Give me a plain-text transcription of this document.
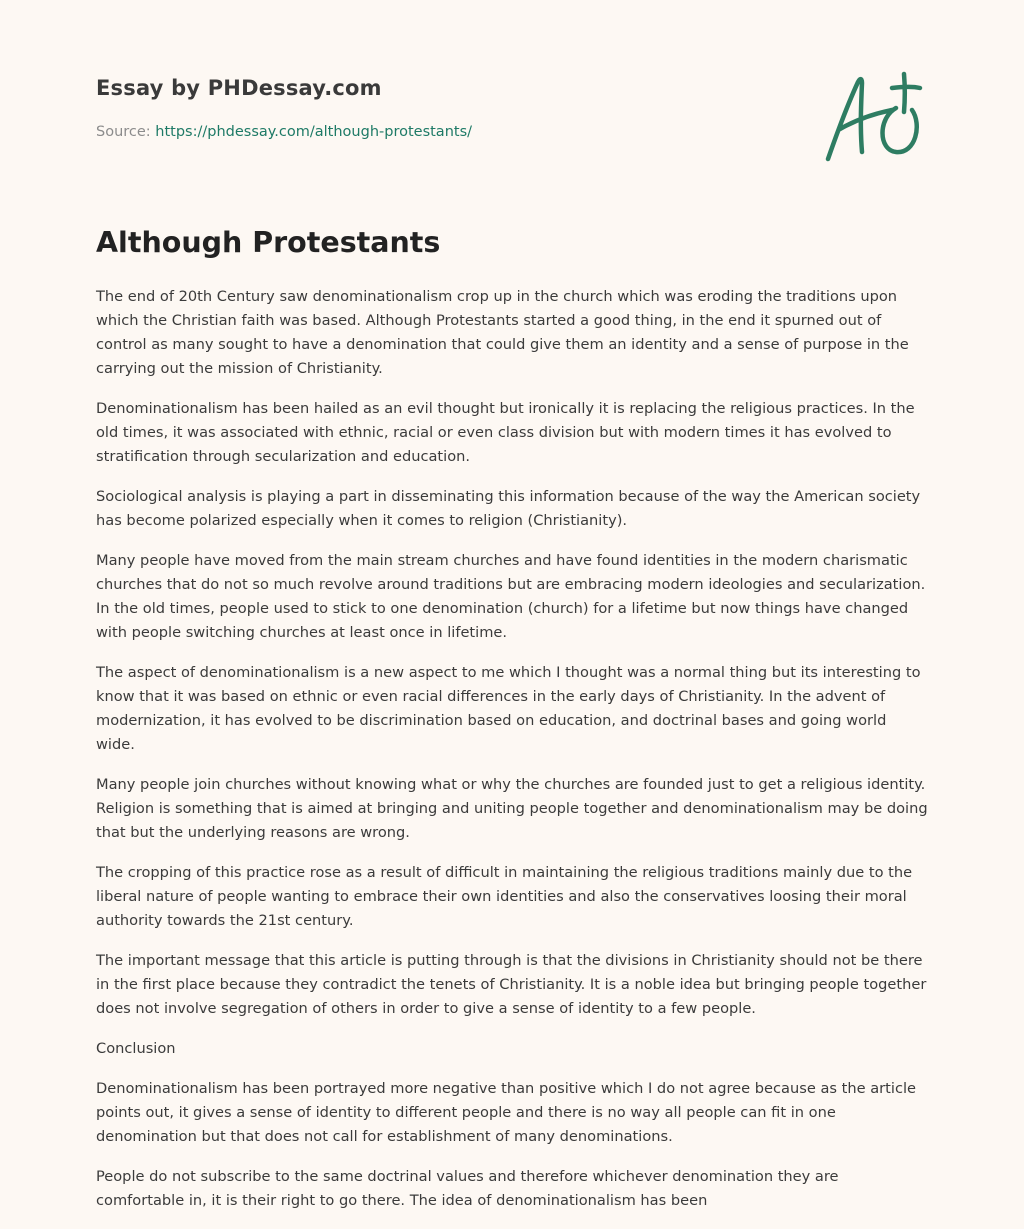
Essay by PHDessay.com
Source: https://phdessay.com/although-protestants/
Although Protestants

The end of 20th Century saw denominationalism crop up in the church which was eroding the traditions upon which the Christian faith was based. Although Protestants started a good thing, in the end it spurned out of control as many sought to have a denomination that could give them an identity and a sense of purpose in the carrying out the mission of Christianity.

Denominationalism has been hailed as an evil thought but ironically it is replacing the religious practices. In the old times, it was associated with ethnic, racial or even class division but with modern times it has evolved to stratification through secularization and education.

Sociological analysis is playing a part in disseminating this information because of the way the American society has become polarized especially when it comes to religion (Christianity).

Many people have moved from the main stream churches and have found identities in the modern charismatic churches that do not so much revolve around traditions but are embracing modern ideologies and secularization. In the old times, people used to stick to one denomination (church) for a lifetime but now things have changed with people switching churches at least once in lifetime.

The aspect of denominationalism is a new aspect to me which I thought was a normal thing but its interesting to know that it was based on ethnic or even racial differences in the early days of Christianity. In the advent of modernization, it has evolved to be discrimination based on education, and doctrinal bases and going world wide.

Many people join churches without knowing what or why the churches are founded just to get a religious identity. Religion is something that is aimed at bringing and uniting people together and denominationalism may be doing that but the underlying reasons are wrong.

The cropping of this practice rose as a result of difficult in maintaining the religious traditions mainly due to the liberal nature of people wanting to embrace their own identities and also the conservatives loosing their moral authority towards the 21st century.

The important message that this article is putting through is that the divisions in Christianity should not be there in the first place because they contradict the tenets of Christianity. It is a noble idea but bringing people together does not involve segregation of others in order to give a sense of identity to a few people.

Conclusion

Denominationalism has been portrayed more negative than positive which I do not agree because as the article points out, it gives a sense of identity to different people and there is no way all people can fit in one denomination but that does not call for establishment of many denominations.

People do not subscribe to the same doctrinal values and therefore whichever denomination they are comfortable in, it is their right to go there. The idea of denominationalism has been
